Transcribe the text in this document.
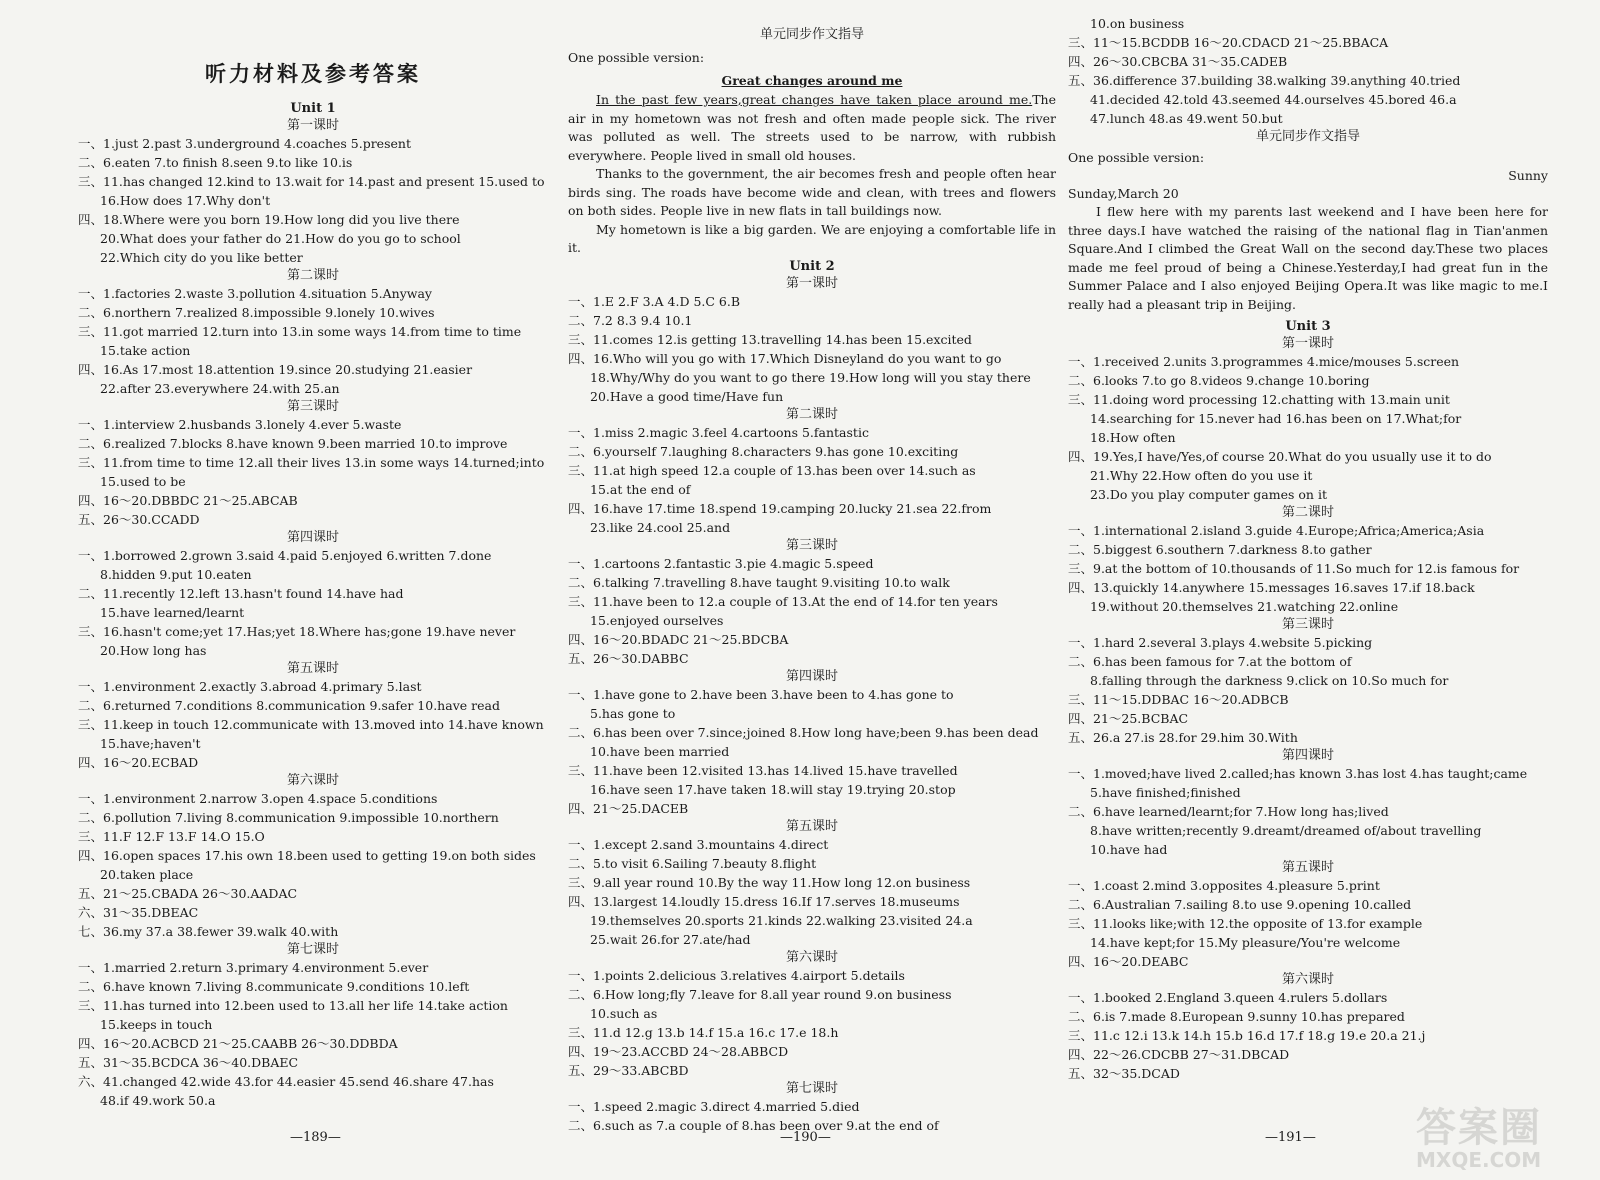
听力材料及参考答案
Unit 1
第一课时
一、1.just 2.past 3.underground 4.coaches 5.present
二、6.eaten 7.to finish 8.seen 9.to like 10.is
三、11.has changed 12.kind to 13.wait for 14.past and present 15.used to
16.How does 17.Why don't
四、18.Where were you born 19.How long did you live there
20.What does your father do 21.How do you go to school
22.Which city do you like better
第二课时
一、1.factories 2.waste 3.pollution 4.situation 5.Anyway
二、6.northern 7.realized 8.impossible 9.lonely 10.wives
三、11.got married 12.turn into 13.in some ways 14.from time to time
15.take action
四、16.As 17.most 18.attention 19.since 20.studying 21.easier
22.after 23.everywhere 24.with 25.an
第三课时
一、1.interview 2.husbands 3.lonely 4.ever 5.waste
二、6.realized 7.blocks 8.have known 9.been married 10.to improve
三、11.from time to time 12.all their lives 13.in some ways 14.turned;into
15.used to be
四、16～20.DBBDC 21～25.ABCAB
五、26～30.CCADD
第四课时
一、1.borrowed 2.grown 3.said 4.paid 5.enjoyed 6.written 7.done
8.hidden 9.put 10.eaten
二、11.recently 12.left 13.hasn't found 14.have had
15.have learned/learnt
三、16.hasn't come;yet 17.Has;yet 18.Where has;gone 19.have never
20.How long has
第五课时
一、1.environment 2.exactly 3.abroad 4.primary 5.last
二、6.returned 7.conditions 8.communication 9.safer 10.have read
三、11.keep in touch 12.communicate with 13.moved into 14.have known
15.have;haven't
四、16～20.ECBAD
第六课时
一、1.environment 2.narrow 3.open 4.space 5.conditions
二、6.pollution 7.living 8.communication 9.impossible 10.northern
三、11.F 12.F 13.F 14.O 15.O
四、16.open spaces 17.his own 18.been used to getting 19.on both sides
20.taken place
五、21～25.CBADA 26～30.AADAC
六、31～35.DBEAC
七、36.my 37.a 38.fewer 39.walk 40.with
第七课时
一、1.married 2.return 3.primary 4.environment 5.ever
二、6.have known 7.living 8.communicate 9.conditions 10.left
三、11.has turned into 12.been used to 13.all her life 14.take action
15.keeps in touch
四、16～20.ACBCD 21～25.CAABB 26～30.DDBDA
五、31～35.BCDCA 36～40.DBAEC
六、41.changed 42.wide 43.for 44.easier 45.send 46.share 47.has
48.if 49.work 50.a
单元同步作文指导
One possible version:
Great changes around me

In the past few years,great changes have taken place around me.The air in my hometown was not fresh and often made people sick. The river was polluted as well. The streets used to be narrow, with rubbish everywhere. People lived in small old houses.

Thanks to the government, the air becomes fresh and people often hear birds sing. The roads have become wide and clean, with trees and flowers on both sides. People live in new flats in tall buildings now.

My hometown is like a big garden. We are enjoying a comfortable life in it.

Unit 2
第一课时
一、1.E 2.F 3.A 4.D 5.C 6.B
二、7.2 8.3 9.4 10.1
三、11.comes 12.is getting 13.travelling 14.has been 15.excited
四、16.Who will you go with 17.Which Disneyland do you want to go
18.Why/Why do you want to go there 19.How long will you stay there
20.Have a good time/Have fun
第二课时
一、1.miss 2.magic 3.feel 4.cartoons 5.fantastic
二、6.yourself 7.laughing 8.characters 9.has gone 10.exciting
三、11.at high speed 12.a couple of 13.has been over 14.such as
15.at the end of
四、16.have 17.time 18.spend 19.camping 20.lucky 21.sea 22.from
23.like 24.cool 25.and
第三课时
一、1.cartoons 2.fantastic 3.pie 4.magic 5.speed
二、6.talking 7.travelling 8.have taught 9.visiting 10.to walk
三、11.have been to 12.a couple of 13.At the end of 14.for ten years
15.enjoyed ourselves
四、16～20.BDADC 21～25.BDCBA
五、26～30.DABBC
第四课时
一、1.have gone to 2.have been 3.have been to 4.has gone to
5.has gone to
二、6.has been over 7.since;joined 8.How long have;been 9.has been dead
10.have been married
三、11.have been 12.visited 13.has 14.lived 15.have travelled
16.have seen 17.have taken 18.will stay 19.trying 20.stop
四、21～25.DACEB
第五课时
一、1.except 2.sand 3.mountains 4.direct
二、5.to visit 6.Sailing 7.beauty 8.flight
三、9.all year round 10.By the way 11.How long 12.on business
四、13.largest 14.loudly 15.dress 16.If 17.serves 18.museums
19.themselves 20.sports 21.kinds 22.walking 23.visited 24.a
25.wait 26.for 27.ate/had
第六课时
一、1.points 2.delicious 3.relatives 4.airport 5.details
二、6.How long;fly 7.leave for 8.all year round 9.on business
10.such as
三、11.d 12.g 13.b 14.f 15.a 16.c 17.e 18.h
四、19～23.ACCBD 24～28.ABBCD
五、29～33.ABCBD
第七课时
一、1.speed 2.magic 3.direct 4.married 5.died
二、6.such as 7.a couple of 8.has been over 9.at the end of
10.on business
三、11～15.BCDDB 16～20.CDACD 21～25.BBACA
四、26～30.CBCBA 31～35.CADEB
五、36.difference 37.building 38.walking 39.anything 40.tried
41.decided 42.told 43.seemed 44.ourselves 45.bored 46.a
47.lunch 48.as 49.went 50.but
单元同步作文指导
One possible version:
Sunny
Sunday,March 20

I flew here with my parents last weekend and I have been here for three days.I have watched the raising of the national flag in Tian'anmen Square.And I climbed the Great Wall on the second day.These two places made me feel proud of being a Chinese.Yesterday,I had great fun in the Summer Palace and I also enjoyed Beijing Opera.It was like magic to me.I really had a pleasant trip in Beijing.

Unit 3
第一课时
一、1.received 2.units 3.programmes 4.mice/mouses 5.screen
二、6.looks 7.to go 8.videos 9.change 10.boring
三、11.doing word processing 12.chatting with 13.main unit
14.searching for 15.never had 16.has been on 17.What;for
18.How often
四、19.Yes,I have/Yes,of course 20.What do you usually use it to do
21.Why 22.How often do you use it
23.Do you play computer games on it
第二课时
一、1.international 2.island 3.guide 4.Europe;Africa;America;Asia
二、5.biggest 6.southern 7.darkness 8.to gather
三、9.at the bottom of 10.thousands of 11.So much for 12.is famous for
四、13.quickly 14.anywhere 15.messages 16.saves 17.if 18.back
19.without 20.themselves 21.watching 22.online
第三课时
一、1.hard 2.several 3.plays 4.website 5.picking
二、6.has been famous for 7.at the bottom of
8.falling through the darkness 9.click on 10.So much for
三、11～15.DDBAC 16～20.ADBCB
四、21～25.BCBAC
五、26.a 27.is 28.for 29.him 30.With
第四课时
一、1.moved;have lived 2.called;has known 3.has lost 4.has taught;came
5.have finished;finished
二、6.have learned/learnt;for 7.How long has;lived
8.have written;recently 9.dreamt/dreamed of/about travelling
10.have had
第五课时
一、1.coast 2.mind 3.opposites 4.pleasure 5.print
二、6.Australian 7.sailing 8.to use 9.opening 10.called
三、11.looks like;with 12.the opposite of 13.for example
14.have kept;for 15.My pleasure/You're welcome
四、16～20.DEABC
第六课时
一、1.booked 2.England 3.queen 4.rulers 5.dollars
二、6.is 7.made 8.European 9.sunny 10.has prepared
三、11.c 12.i 13.k 14.h 15.b 16.d 17.f 18.g 19.e 20.a 21.j
四、22～26.CDCBB 27～31.DBCAD
五、32～35.DCAD
—189—	—190—	—191—	答案圈
MXQE.COM
